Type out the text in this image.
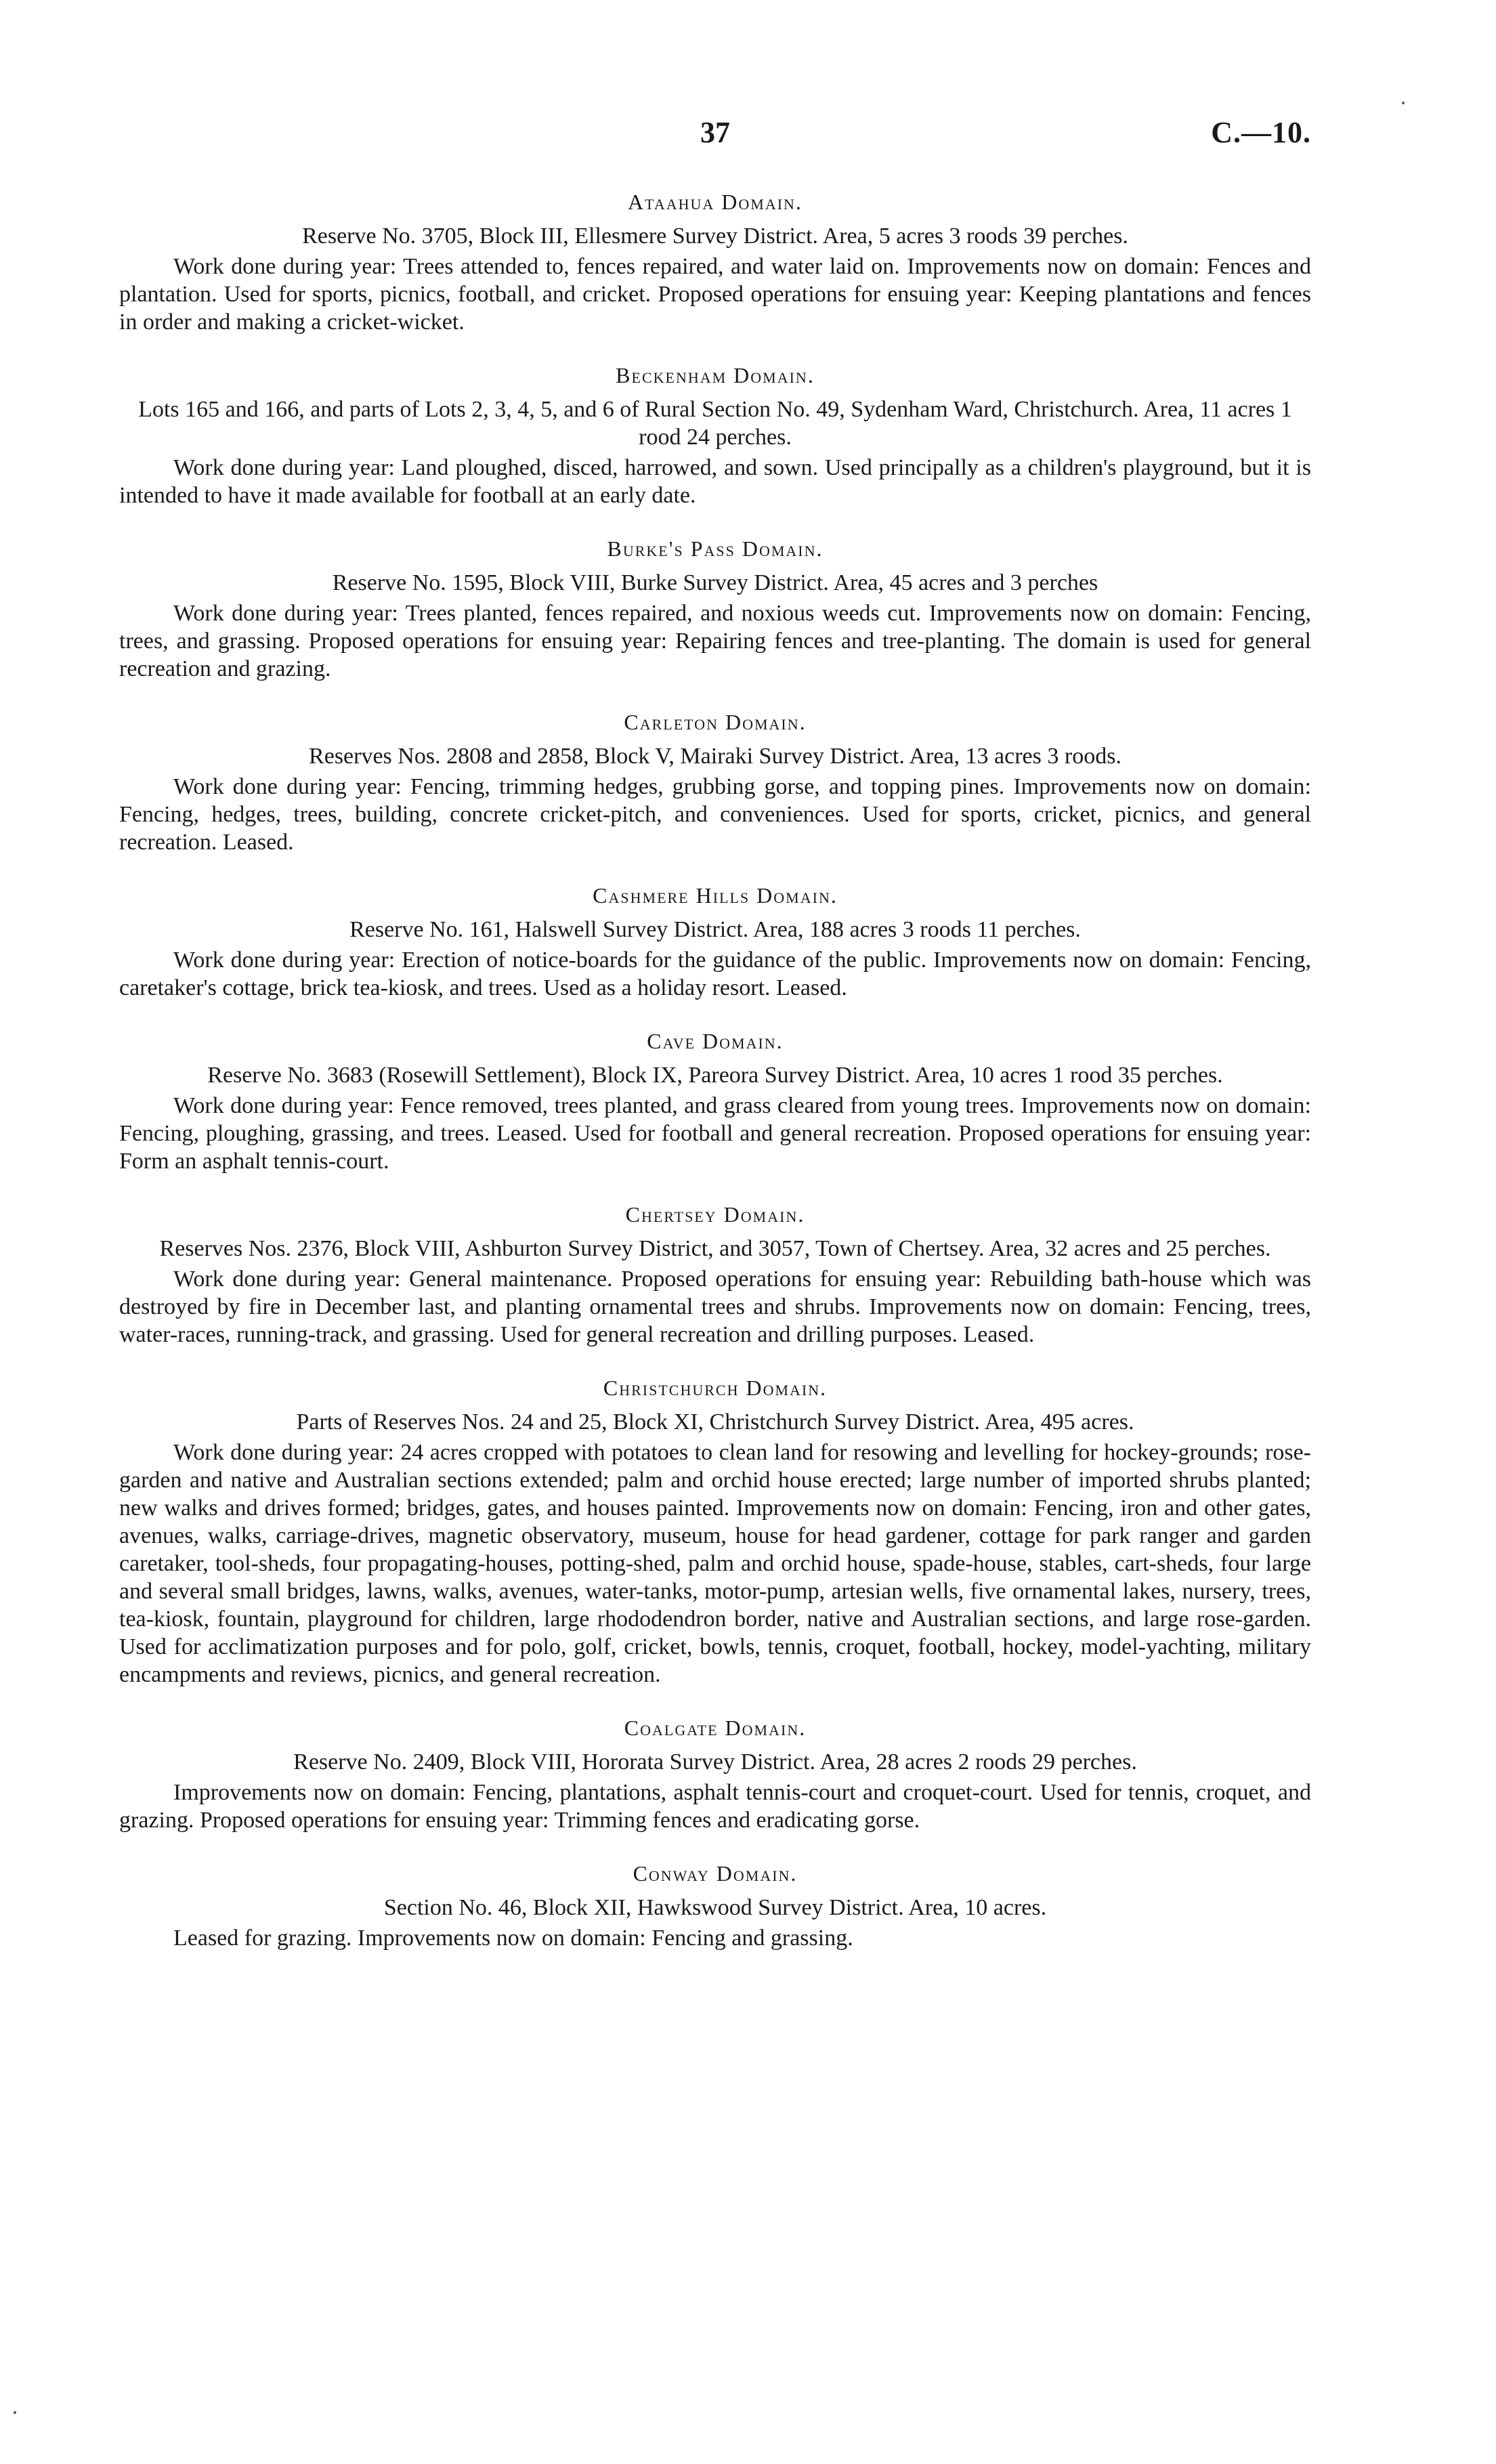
37	C.—10.
Ataahua Domain.

Reserve No. 3705, Block III, Ellesmere Survey District. Area, 5 acres 3 roods 39 perches.

Work done during year: Trees attended to, fences repaired, and water laid on. Improvements now on domain: Fences and plantation. Used for sports, picnics, football, and cricket. Proposed operations for ensuing year: Keeping plantations and fences in order and making a cricket-wicket.

Beckenham Domain.

Lots 165 and 166, and parts of Lots 2, 3, 4, 5, and 6 of Rural Section No. 49, Sydenham Ward, Christchurch. Area, 11 acres 1 rood 24 perches.

Work done during year: Land ploughed, disced, harrowed, and sown. Used principally as a children's playground, but it is intended to have it made available for football at an early date.

Burke's Pass Domain.

Reserve No. 1595, Block VIII, Burke Survey District. Area, 45 acres and 3 perches

Work done during year: Trees planted, fences repaired, and noxious weeds cut. Improvements now on domain: Fencing, trees, and grassing. Proposed operations for ensuing year: Repairing fences and tree-planting. The domain is used for general recreation and grazing.

Carleton Domain.

Reserves Nos. 2808 and 2858, Block V, Mairaki Survey District. Area, 13 acres 3 roods.

Work done during year: Fencing, trimming hedges, grubbing gorse, and topping pines. Improvements now on domain: Fencing, hedges, trees, building, concrete cricket-pitch, and conveniences. Used for sports, cricket, picnics, and general recreation. Leased.

Cashmere Hills Domain.

Reserve No. 161, Halswell Survey District. Area, 188 acres 3 roods 11 perches.

Work done during year: Erection of notice-boards for the guidance of the public. Improvements now on domain: Fencing, caretaker's cottage, brick tea-kiosk, and trees. Used as a holiday resort. Leased.

Cave Domain.

Reserve No. 3683 (Rosewill Settlement), Block IX, Pareora Survey District. Area, 10 acres 1 rood 35 perches.

Work done during year: Fence removed, trees planted, and grass cleared from young trees. Improvements now on domain: Fencing, ploughing, grassing, and trees. Leased. Used for football and general recreation. Proposed operations for ensuing year: Form an asphalt tennis-court.

Chertsey Domain.

Reserves Nos. 2376, Block VIII, Ashburton Survey District, and 3057, Town of Chertsey. Area, 32 acres and 25 perches.

Work done during year: General maintenance. Proposed operations for ensuing year: Rebuilding bath-house which was destroyed by fire in December last, and planting ornamental trees and shrubs. Improvements now on domain: Fencing, trees, water-races, running-track, and grassing. Used for general recreation and drilling purposes. Leased.

Christchurch Domain.

Parts of Reserves Nos. 24 and 25, Block XI, Christchurch Survey District. Area, 495 acres.

Work done during year: 24 acres cropped with potatoes to clean land for resowing and levelling for hockey-grounds; rose-garden and native and Australian sections extended; palm and orchid house erected; large number of imported shrubs planted; new walks and drives formed; bridges, gates, and houses painted. Improvements now on domain: Fencing, iron and other gates, avenues, walks, carriage-drives, magnetic observatory, museum, house for head gardener, cottage for park ranger and garden caretaker, tool-sheds, four propagating-houses, potting-shed, palm and orchid house, spade-house, stables, cart-sheds, four large and several small bridges, lawns, walks, avenues, water-tanks, motor-pump, artesian wells, five ornamental lakes, nursery, trees, tea-kiosk, fountain, playground for children, large rhododendron border, native and Australian sections, and large rose-garden. Used for acclimatization purposes and for polo, golf, cricket, bowls, tennis, croquet, football, hockey, model-yachting, military encampments and reviews, picnics, and general recreation.

Coalgate Domain.

Reserve No. 2409, Block VIII, Hororata Survey District. Area, 28 acres 2 roods 29 perches.

Improvements now on domain: Fencing, plantations, asphalt tennis-court and croquet-court. Used for tennis, croquet, and grazing. Proposed operations for ensuing year: Trimming fences and eradicating gorse.

Conway Domain.

Section No. 46, Block XII, Hawkswood Survey District. Area, 10 acres.

Leased for grazing. Improvements now on domain: Fencing and grassing.
